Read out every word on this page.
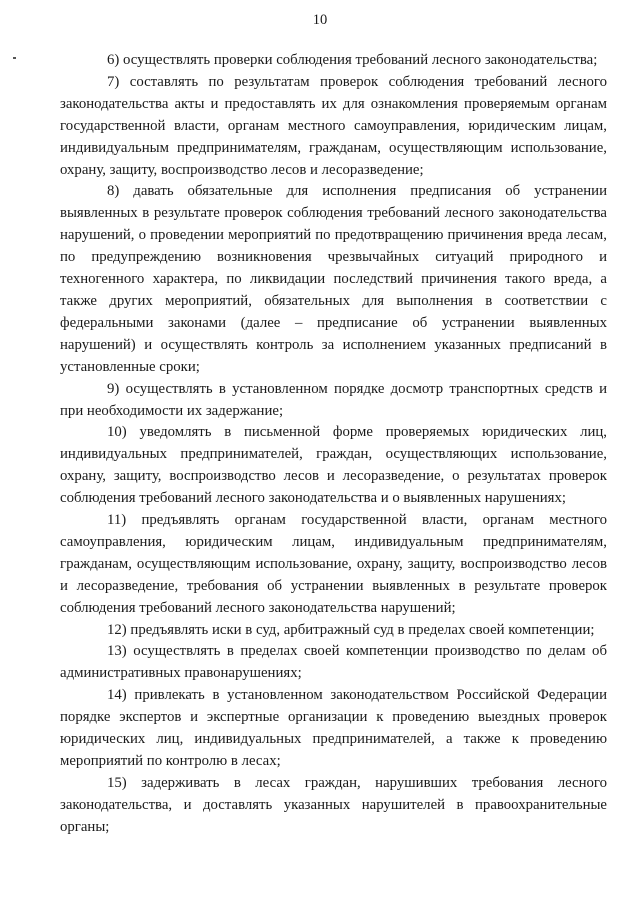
10

6) осуществлять проверки соблюдения требований лесного законодательства;

7) составлять по результатам проверок соблюдения требований лесного законодательства акты и предоставлять их для ознакомления проверяемым органам государственной власти, органам местного самоуправления, юридическим лицам, индивидуальным предпринимателям, гражданам, осуществляющим использование, охрану, защиту, воспроизводство лесов и лесоразведение;

8) давать обязательные для исполнения предписания об устранении выявленных в результате проверок соблюдения требований лесного законодательства нарушений, о проведении мероприятий по предотвращению причинения вреда лесам, по предупреждению возникновения чрезвычайных ситуаций природного и техногенного характера, по ликвидации последствий причинения такого вреда, а также других мероприятий, обязательных для выполнения в соответствии с федеральными законами (далее – предписание об устранении выявленных нарушений) и осуществлять контроль за исполнением указанных предписаний в установленные сроки;

9) осуществлять в установленном порядке досмотр транспортных средств и при необходимости их задержание;

10) уведомлять в письменной форме проверяемых юридических лиц, индивидуальных предпринимателей, граждан, осуществляющих использование, охрану, защиту, воспроизводство лесов и лесоразведение, о результатах проверок соблюдения требований лесного законодательства и о выявленных нарушениях;

11) предъявлять органам государственной власти, органам местного самоуправления, юридическим лицам, индивидуальным предпринимателям, гражданам, осуществляющим использование, охрану, защиту, воспроизводство лесов и лесоразведение, требования об устранении выявленных в результате проверок соблюдения требований лесного законодательства нарушений;

12) предъявлять иски в суд, арбитражный суд в пределах своей компетенции;

13) осуществлять в пределах своей компетенции производство по делам об административных правонарушениях;

14) привлекать в установленном законодательством Российской Федерации порядке экспертов и экспертные организации к проведению выездных проверок юридических лиц, индивидуальных предпринимателей, а также к проведению мероприятий по контролю в лесах;

15) задерживать в лесах граждан, нарушивших требования лесного законодательства, и доставлять указанных нарушителей в правоохранительные органы;
